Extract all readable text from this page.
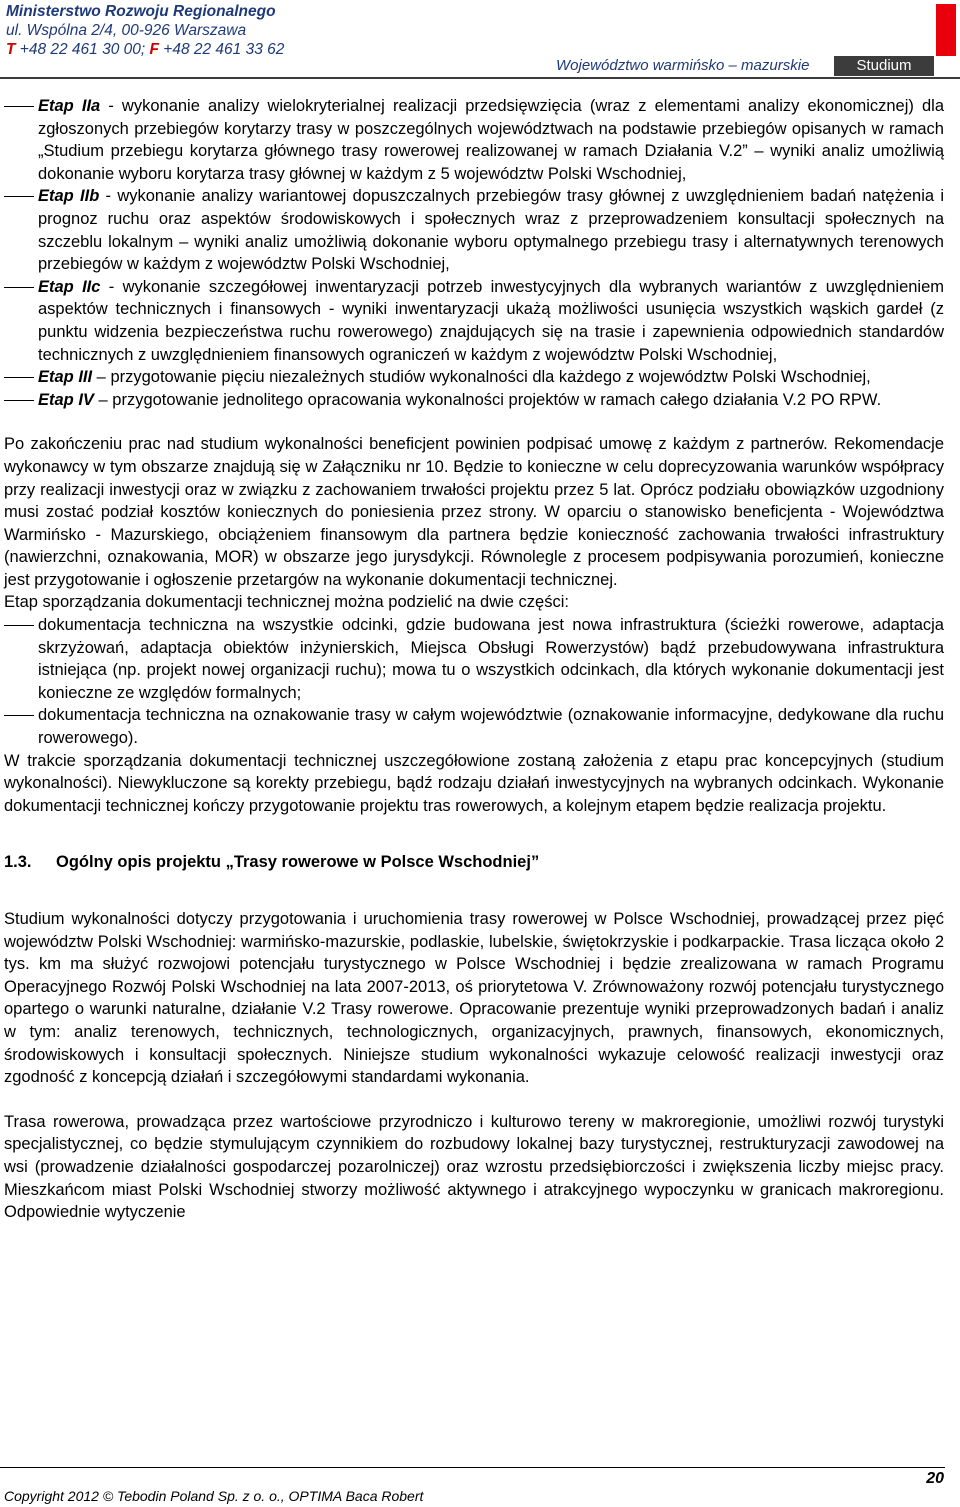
Ministerstwo Rozwoju Regionalnego
ul. Wspólna 2/4, 00-926 Warszawa
T +48 22 461 30 00; F +48 22 461 33 62
Województwo warmińsko – mazurskie	Studium
Etap IIa - wykonanie analizy wielokryterialnej realizacji przedsięwzięcia (wraz z elementami analizy ekonomicznej) dla zgłoszonych przebiegów korytarzy trasy w poszczególnych województwach na podstawie przebiegów opisanych w ramach „Studium przebiegu korytarza głównego trasy rowerowej realizowanej w ramach Działania V.2” – wyniki analiz umożliwią dokonanie wyboru korytarza trasy głównej w każdym z 5 województw Polski Wschodniej,
Etap IIb - wykonanie analizy wariantowej dopuszczalnych przebiegów trasy głównej z uwzględnieniem badań natężenia i prognoz ruchu oraz aspektów środowiskowych i społecznych wraz z przeprowadzeniem konsultacji społecznych na szczeblu lokalnym – wyniki analiz umożliwią dokonanie wyboru optymalnego przebiegu trasy i alternatywnych terenowych przebiegów w każdym z województw Polski Wschodniej,
Etap IIc - wykonanie szczegółowej inwentaryzacji potrzeb inwestycyjnych dla wybranych wariantów z uwzględnieniem aspektów technicznych i finansowych - wyniki inwentaryzacji ukażą możliwości usunięcia wszystkich wąskich gardeł (z punktu widzenia bezpieczeństwa ruchu rowerowego) znajdujących się na trasie i zapewnienia odpowiednich standardów technicznych z uwzględnieniem finansowych ograniczeń w każdym z województw Polski Wschodniej,
Etap III – przygotowanie pięciu niezależnych studiów wykonalności dla każdego z województw Polski Wschodniej,
Etap IV – przygotowanie jednolitego opracowania wykonalności projektów w ramach całego działania V.2 PO RPW.

Po zakończeniu prac nad studium wykonalności beneficjent powinien podpisać umowę z każdym z partnerów. Rekomendacje wykonawcy w tym obszarze znajdują się w Załączniku nr 10. Będzie to konieczne w celu doprecyzowania warunków współpracy przy realizacji inwestycji oraz w związku z zachowaniem trwałości projektu przez 5 lat. Oprócz podziału obowiązków uzgodniony musi zostać podział kosztów koniecznych do poniesienia przez strony. W oparciu o stanowisko beneficjenta - Województwa Warmińsko - Mazurskiego, obciążeniem finansowym dla partnera będzie konieczność zachowania trwałości infrastruktury (nawierzchni, oznakowania, MOR) w obszarze jego jurysdykcji. Równolegle z procesem podpisywania porozumień, konieczne jest przygotowanie i ogłoszenie przetargów na wykonanie dokumentacji technicznej.

Etap sporządzania dokumentacji technicznej można podzielić na dwie części:

dokumentacja techniczna na wszystkie odcinki, gdzie budowana jest nowa infrastruktura (ścieżki rowerowe, adaptacja skrzyżowań, adaptacja obiektów inżynierskich, Miejsca Obsługi Rowerzystów) bądź przebudowywana infrastruktura istniejąca (np. projekt nowej organizacji ruchu); mowa tu o wszystkich odcinkach, dla których wykonanie dokumentacji jest konieczne ze względów formalnych;
dokumentacja techniczna na oznakowanie trasy w całym województwie (oznakowanie informacyjne, dedykowane dla ruchu rowerowego).

W trakcie sporządzania dokumentacji technicznej uszczegółowione zostaną założenia z etapu prac koncepcyjnych (studium wykonalności). Niewykluczone są korekty przebiegu, bądź rodzaju działań inwestycyjnych na wybranych odcinkach. Wykonanie dokumentacji technicznej kończy przygotowanie projektu tras rowerowych, a kolejnym etapem będzie realizacja projektu.

1.3. Ogólny opis projektu „Trasy rowerowe w Polsce Wschodniej”

Studium wykonalności dotyczy przygotowania i uruchomienia trasy rowerowej w Polsce Wschodniej, prowadzącej przez pięć województw Polski Wschodniej: warmińsko-mazurskie, podlaskie, lubelskie, świętokrzyskie i podkarpackie. Trasa licząca około 2 tys. km ma służyć rozwojowi potencjału turystycznego w Polsce Wschodniej i będzie zrealizowana w ramach Programu Operacyjnego Rozwój Polski Wschodniej na lata 2007-2013, oś priorytetowa V. Zrównoważony rozwój potencjału turystycznego opartego o warunki naturalne, działanie V.2 Trasy rowerowe. Opracowanie prezentuje wyniki przeprowadzonych badań i analiz w tym: analiz terenowych, technicznych, technologicznych, organizacyjnych, prawnych, finansowych, ekonomicznych, środowiskowych i konsultacji społecznych. Niniejsze studium wykonalności wykazuje celowość realizacji inwestycji oraz zgodność z koncepcją działań i szczegółowymi standardami wykonania.

Trasa rowerowa, prowadząca przez wartościowe przyrodniczo i kulturowo tereny w makroregionie, umożliwi rozwój turystyki specjalistycznej, co będzie stymulującym czynnikiem do rozbudowy lokalnej bazy turystycznej, restrukturyzacji zawodowej na wsi (prowadzenie działalności gospodarczej pozarolniczej) oraz wzrostu przedsiębiorczości i zwiększenia liczby miejsc pracy. Mieszkańcom miast Polski Wschodniej stworzy możliwość aktywnego i atrakcyjnego wypoczynku w granicach makroregionu. Odpowiednie wytyczenie

20
Copyright 2012 © Tebodin Poland Sp. z o. o., OPTIMA Baca Robert
